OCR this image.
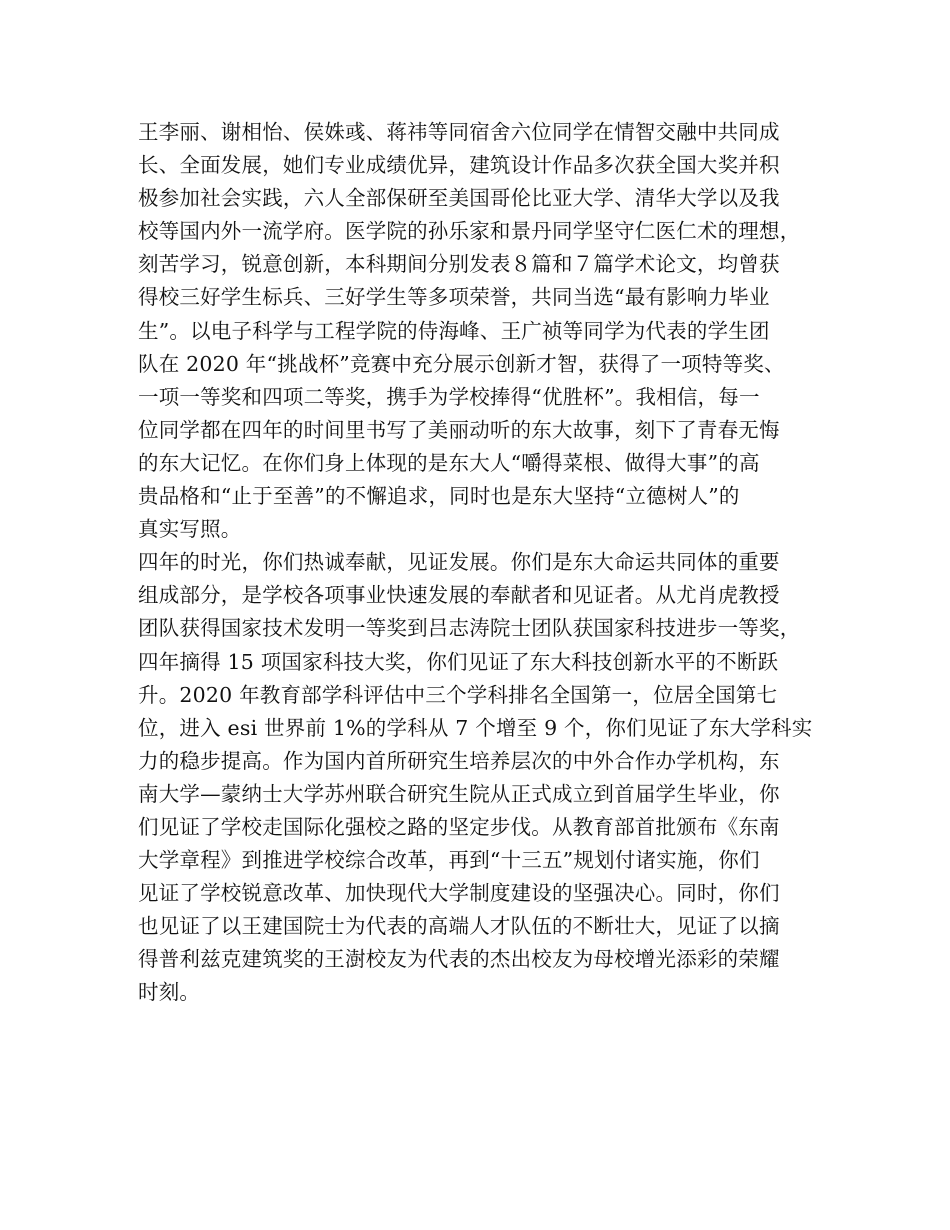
王李丽、谢相怡、侯姝彧、蒋祎等同宿舍六位同学在情智交融中共同成
长、全面发展，她们专业成绩优异，建筑设计作品多次获全国大奖并积
极参加社会实践，六人全部保研至美国哥伦比亚大学、清华大学以及我
校等国内外一流学府。医学院的孙乐家和景丹同学坚守仁医仁术的理想，
刻苦学习，锐意创新，本科期间分别发表８篇和７篇学术论文，均曾获
得校三好学生标兵、三好学生等多项荣誉，共同当选“最有影响力毕业
生”。以电子科学与工程学院的侍海峰、王广祯等同学为代表的学生团
队在 2020 年“挑战杯”竞赛中充分展示创新才智，获得了一项特等奖、
一项一等奖和四项二等奖，携手为学校捧得“优胜杯”。我相信，每一
位同学都在四年的时间里书写了美丽动听的东大故事，刻下了青春无悔
的东大记忆。在你们身上体现的是东大人“嚼得菜根、做得大事”的高
贵品格和“止于至善”的不懈追求，同时也是东大坚持“立德树人”的
真实写照。
四年的时光，你们热诚奉献，见证发展。你们是东大命运共同体的重要
组成部分，是学校各项事业快速发展的奉献者和见证者。从尤肖虎教授
团队获得国家技术发明一等奖到吕志涛院士团队获国家科技进步一等奖，
四年摘得 15 项国家科技大奖，你们见证了东大科技创新水平的不断跃
升。2020 年教育部学科评估中三个学科排名全国第一，位居全国第七
位，进入 esi 世界前 1%的学科从 7 个增至 9 个，你们见证了东大学科实
力的稳步提高。作为国内首所研究生培养层次的中外合作办学机构，东
南大学—蒙纳士大学苏州联合研究生院从正式成立到首届学生毕业，你
们见证了学校走国际化强校之路的坚定步伐。从教育部首批颁布《东南
大学章程》到推进学校综合改革，再到“十三五”规划付诸实施，你们
见证了学校锐意改革、加快现代大学制度建设的坚强决心。同时，你们
也见证了以王建国院士为代表的高端人才队伍的不断壮大，见证了以摘
得普利兹克建筑奖的王澍校友为代表的杰出校友为母校增光添彩的荣耀
时刻。
